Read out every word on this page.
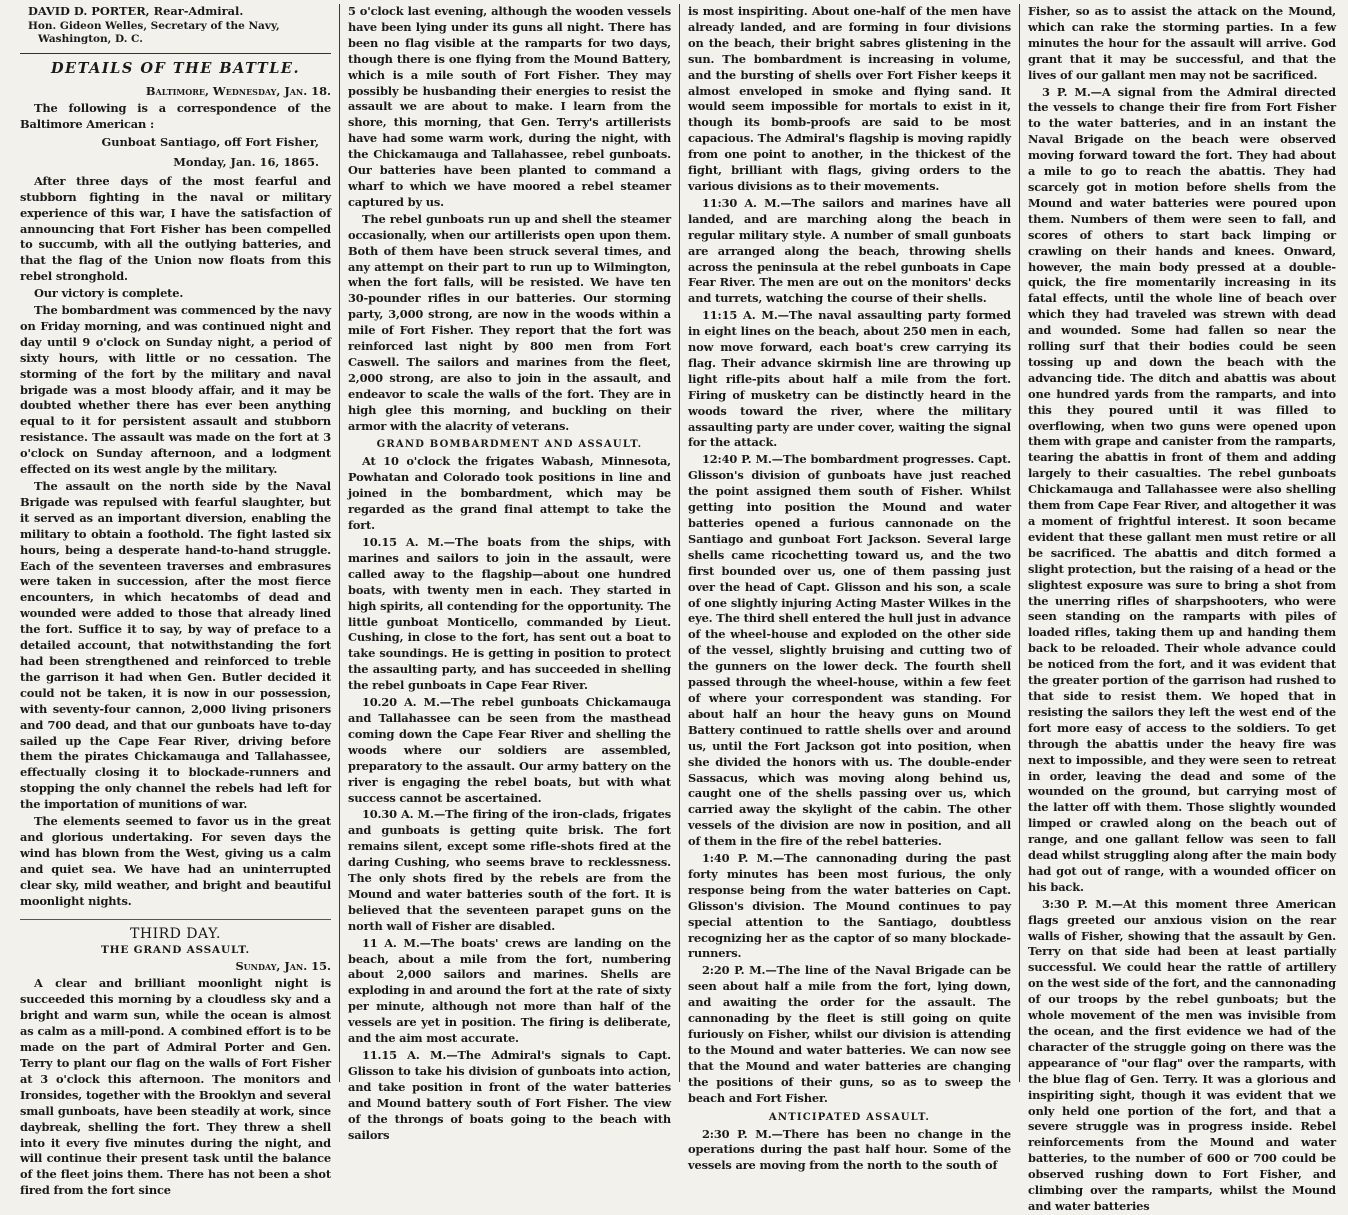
DAVID D. PORTER, Rear-Admiral.
Hon. Gideon Welles, Secretary of the Navy, Washington, D. C.
DETAILS OF THE BATTLE.
Baltimore, Wednesday, Jan. 18.

The following is a correspondence of the Baltimore American :

Gunboat Santiago, off Fort Fisher,
Monday, Jan. 16, 1865.

After three days of the most fearful and stubborn fighting in the naval or military experience of this war, I have the satisfaction of announcing that Fort Fisher has been compelled to succumb, with all the outlying batteries, and that the flag of the Union now floats from this rebel stronghold.

Our victory is complete.

The bombardment was commenced by the navy on Friday morning, and was continued night and day until 9 o'clock on Sunday night, a period of sixty hours, with little or no cessation. The storming of the fort by the military and naval brigade was a most bloody affair, and it may be doubted whether there has ever been anything equal to it for persistent assault and stubborn resistance. The assault was made on the fort at 3 o'clock on Sunday afternoon, and a lodgment effected on its west angle by the military.

The assault on the north side by the Naval Brigade was repulsed with fearful slaughter, but it served as an important diversion, enabling the military to obtain a foothold. The fight lasted six hours, being a desperate hand-to-hand struggle. Each of the seventeen traverses and embrasures were taken in succession, after the most fierce encounters, in which hecatombs of dead and wounded were added to those that already lined the fort. Suffice it to say, by way of preface to a detailed account, that notwithstanding the fort had been strengthened and reinforced to treble the garrison it had when Gen. Butler decided it could not be taken, it is now in our possession, with seventy-four cannon, 2,000 living prisoners and 700 dead, and that our gunboats have to-day sailed up the Cape Fear River, driving before them the pirates Chickamauga and Tallahassee, effectually closing it to blockade-runners and stopping the only channel the rebels had left for the importation of munitions of war.

The elements seemed to favor us in the great and glorious undertaking. For seven days the wind has blown from the West, giving us a calm and quiet sea. We have had an uninterrupted clear sky, mild weather, and bright and beautiful moonlight nights.

THIRD DAY.
THE GRAND ASSAULT.
Sunday, Jan. 15.

A clear and brilliant moonlight night is succeeded this morning by a cloudless sky and a bright and warm sun, while the ocean is almost as calm as a mill-pond. A combined effort is to be made on the part of Admiral Porter and Gen. Terry to plant our flag on the walls of Fort Fisher at 3 o'clock this afternoon. The monitors and Ironsides, together with the Brooklyn and several small gunboats, have been steadily at work, since daybreak, shelling the fort. They threw a shell into it every five minutes during the night, and will continue their present task until the balance of the fleet joins them. There has not been a shot fired from the fort since

5 o'clock last evening, although the wooden vessels have been lying under its guns all night. There has been no flag visible at the ramparts for two days, though there is one flying from the Mound Battery, which is a mile south of Fort Fisher. They may possibly be husbanding their energies to resist the assault we are about to make. I learn from the shore, this morning, that Gen. Terry's artillerists have had some warm work, during the night, with the Chickamauga and Tallahassee, rebel gunboats. Our batteries have been planted to command a wharf to which we have moored a rebel steamer captured by us.

The rebel gunboats run up and shell the steamer occasionally, when our artillerists open upon them. Both of them have been struck several times, and any attempt on their part to run up to Wilmington, when the fort falls, will be resisted. We have ten 30-pounder rifles in our batteries. Our storming party, 3,000 strong, are now in the woods within a mile of Fort Fisher. They report that the fort was reinforced last night by 800 men from Fort Caswell. The sailors and marines from the fleet, 2,000 strong, are also to join in the assault, and endeavor to scale the walls of the fort. They are in high glee this morning, and buckling on their armor with the alacrity of veterans.

GRAND BOMBARDMENT AND ASSAULT.

At 10 o'clock the frigates Wabash, Minnesota, Powhatan and Colorado took positions in line and joined in the bombardment, which may be regarded as the grand final attempt to take the fort.

10.15 A. M.—The boats from the ships, with marines and sailors to join in the assault, were called away to the flagship—about one hundred boats, with twenty men in each. They started in high spirits, all contending for the opportunity. The little gunboat Monticello, commanded by Lieut. Cushing, in close to the fort, has sent out a boat to take soundings. He is getting in position to protect the assaulting party, and has succeeded in shelling the rebel gunboats in Cape Fear River.

10.20 A. M.—The rebel gunboats Chickamauga and Tallahassee can be seen from the masthead coming down the Cape Fear River and shelling the woods where our soldiers are assembled, preparatory to the assault. Our army battery on the river is engaging the rebel boats, but with what success cannot be ascertained.

10.30 A. M.—The firing of the iron-clads, frigates and gunboats is getting quite brisk. The fort remains silent, except some rifle-shots fired at the daring Cushing, who seems brave to recklessness. The only shots fired by the rebels are from the Mound and water batteries south of the fort. It is believed that the seventeen parapet guns on the north wall of Fisher are disabled.

11 A. M.—The boats' crews are landing on the beach, about a mile from the fort, numbering about 2,000 sailors and marines. Shells are exploding in and around the fort at the rate of sixty per minute, although not more than half of the vessels are yet in position. The firing is deliberate, and the aim most accurate.

11.15 A. M.—The Admiral's signals to Capt. Glisson to take his division of gunboats into action, and take position in front of the water batteries and Mound battery south of Fort Fisher. The view of the throngs of boats going to the beach with sailors

is most inspiriting. About one-half of the men have already landed, and are forming in four divisions on the beach, their bright sabres glistening in the sun. The bombardment is increasing in volume, and the bursting of shells over Fort Fisher keeps it almost enveloped in smoke and flying sand. It would seem impossible for mortals to exist in it, though its bomb-proofs are said to be most capacious. The Admiral's flagship is moving rapidly from one point to another, in the thickest of the fight, brilliant with flags, giving orders to the various divisions as to their movements.

11:30 A. M.—The sailors and marines have all landed, and are marching along the beach in regular military style. A number of small gunboats are arranged along the beach, throwing shells across the peninsula at the rebel gunboats in Cape Fear River. The men are out on the monitors' decks and turrets, watching the course of their shells.

11:15 A. M.—The naval assaulting party formed in eight lines on the beach, about 250 men in each, now move forward, each boat's crew carrying its flag. Their advance skirmish line are throwing up light rifle-pits about half a mile from the fort. Firing of musketry can be distinctly heard in the woods toward the river, where the military assaulting party are under cover, waiting the signal for the attack.

12:40 P. M.—The bombardment progresses. Capt. Glisson's division of gunboats have just reached the point assigned them south of Fisher. Whilst getting into position the Mound and water batteries opened a furious cannonade on the Santiago and gunboat Fort Jackson. Several large shells came ricochetting toward us, and the two first bounded over us, one of them passing just over the head of Capt. Glisson and his son, a scale of one slightly injuring Acting Master Wilkes in the eye. The third shell entered the hull just in advance of the wheel-house and exploded on the other side of the vessel, slightly bruising and cutting two of the gunners on the lower deck. The fourth shell passed through the wheel-house, within a few feet of where your correspondent was standing. For about half an hour the heavy guns on Mound Battery continued to rattle shells over and around us, until the Fort Jackson got into position, when she divided the honors with us. The double-ender Sassacus, which was moving along behind us, caught one of the shells passing over us, which carried away the skylight of the cabin. The other vessels of the division are now in position, and all of them in the fire of the rebel batteries.

1:40 P. M.—The cannonading during the past forty minutes has been most furious, the only response being from the water batteries on Capt. Glisson's division. The Mound continues to pay special attention to the Santiago, doubtless recognizing her as the captor of so many blockade-runners.

2:20 P. M.—The line of the Naval Brigade can be seen about half a mile from the fort, lying down, and awaiting the order for the assault. The cannonading by the fleet is still going on quite furiously on Fisher, whilst our division is attending to the Mound and water batteries. We can now see that the Mound and water batteries are changing the positions of their guns, so as to sweep the beach and Fort Fisher.

ANTICIPATED ASSAULT.

2:30 P. M.—There has been no change in the operations during the past half hour. Some of the vessels are moving from the north to the south of

Fisher, so as to assist the attack on the Mound, which can rake the storming parties. In a few minutes the hour for the assault will arrive. God grant that it may be successful, and that the lives of our gallant men may not be sacrificed.

3 P. M.—A signal from the Admiral directed the vessels to change their fire from Fort Fisher to the water batteries, and in an instant the Naval Brigade on the beach were observed moving forward toward the fort. They had about a mile to go to reach the abattis. They had scarcely got in motion before shells from the Mound and water batteries were poured upon them. Numbers of them were seen to fall, and scores of others to start back limping or crawling on their hands and knees. Onward, however, the main body pressed at a double-quick, the fire momentarily increasing in its fatal effects, until the whole line of beach over which they had traveled was strewn with dead and wounded. Some had fallen so near the rolling surf that their bodies could be seen tossing up and down the beach with the advancing tide. The ditch and abattis was about one hundred yards from the ramparts, and into this they poured until it was filled to overflowing, when two guns were opened upon them with grape and canister from the ramparts, tearing the abattis in front of them and adding largely to their casualties. The rebel gunboats Chickamauga and Tallahassee were also shelling them from Cape Fear River, and altogether it was a moment of frightful interest. It soon became evident that these gallant men must retire or all be sacrificed. The abattis and ditch formed a slight protection, but the raising of a head or the slightest exposure was sure to bring a shot from the unerring rifles of sharpshooters, who were seen standing on the ramparts with piles of loaded rifles, taking them up and handing them back to be reloaded. Their whole advance could be noticed from the fort, and it was evident that the greater portion of the garrison had rushed to that side to resist them. We hoped that in resisting the sailors they left the west end of the fort more easy of access to the soldiers. To get through the abattis under the heavy fire was next to impossible, and they were seen to retreat in order, leaving the dead and some of the wounded on the ground, but carrying most of the latter off with them. Those slightly wounded limped or crawled along on the beach out of range, and one gallant fellow was seen to fall dead whilst struggling along after the main body had got out of range, with a wounded officer on his back.

3:30 P. M.—At this moment three American flags greeted our anxious vision on the rear walls of Fisher, showing that the assault by Gen. Terry on that side had been at least partially successful. We could hear the rattle of artillery on the west side of the fort, and the cannonading of our troops by the rebel gunboats; but the whole movement of the men was invisible from the ocean, and the first evidence we had of the character of the struggle going on there was the appearance of "our flag" over the ramparts, with the blue flag of Gen. Terry. It was a glorious and inspiriting sight, though it was evident that we only held one portion of the fort, and that a severe struggle was in progress inside. Rebel reinforcements from the Mound and water batteries, to the number of 600 or 700 could be observed rushing down to Fort Fisher, and climbing over the ramparts, whilst the Mound and water batteries
